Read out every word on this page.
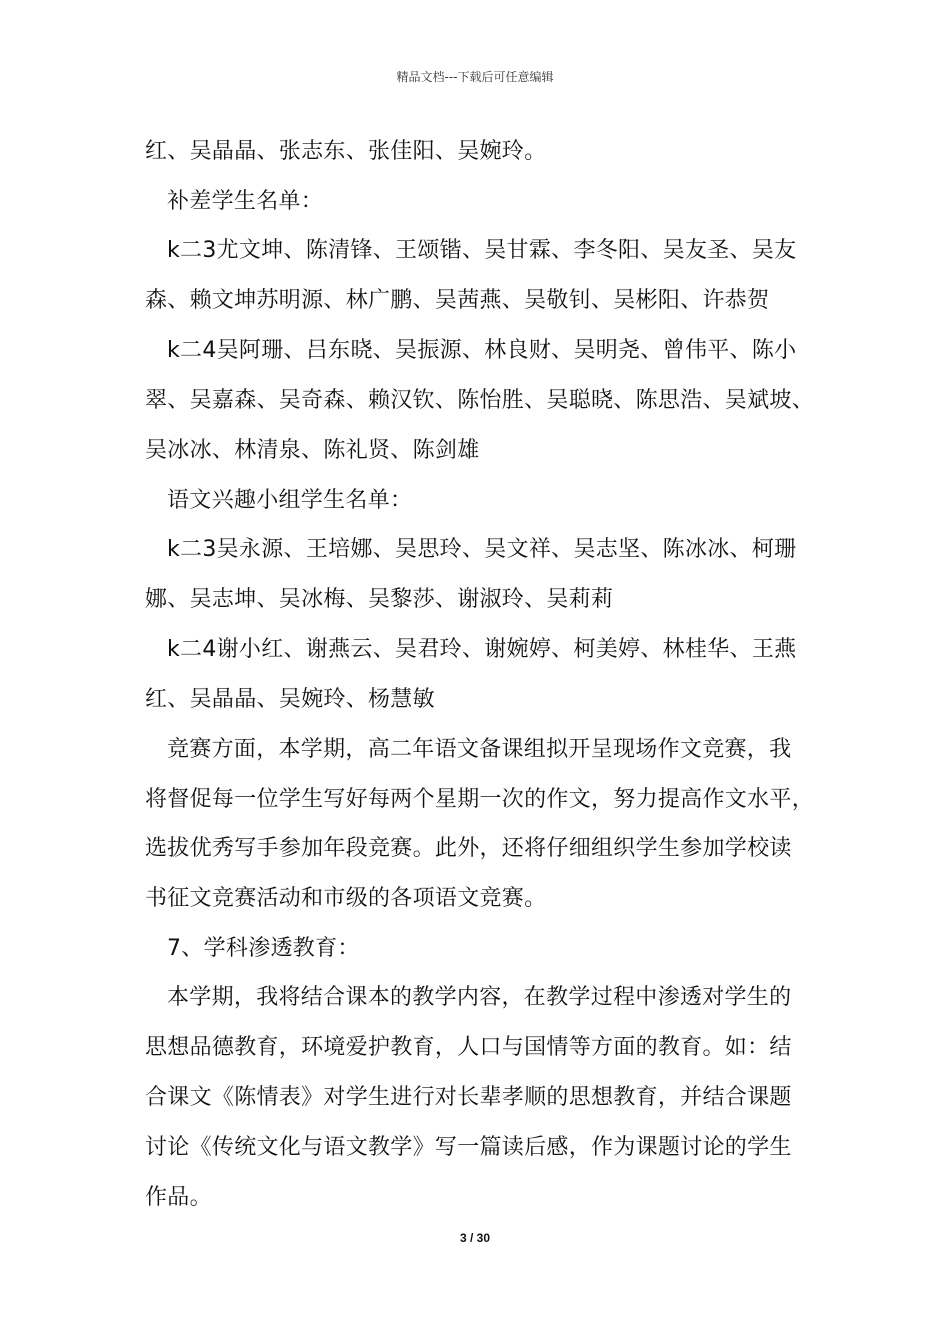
精品文档---下载后可任意编辑
红、吴晶晶、张志东、张佳阳、吴婉玲。
补差学生名单：
k二3尤文坤、陈清锋、王颂锴、吴甘霖、李冬阳、吴友圣、吴友
森、赖文坤苏明源、林广鹏、吴茜燕、吴敬钊、吴彬阳、许恭贺
k二4吴阿珊、吕东晓、吴振源、林良财、吴明尧、曾伟平、陈小
翠、吴嘉森、吴奇森、赖汉钦、陈怡胜、吴聪晓、陈思浩、吴斌坡、
吴冰冰、林清泉、陈礼贤、陈剑雄
语文兴趣小组学生名单：
k二3吴永源、王培娜、吴思玲、吴文祥、吴志坚、陈冰冰、柯珊
娜、吴志坤、吴冰梅、吴黎莎、谢淑玲、吴莉莉
k二4谢小红、谢燕云、吴君玲、谢婉婷、柯美婷、林桂华、王燕
红、吴晶晶、吴婉玲、杨慧敏
竞赛方面，本学期，高二年语文备课组拟开呈现场作文竞赛，我
将督促每一位学生写好每两个星期一次的作文，努力提高作文水平，
选拔优秀写手参加年段竞赛。此外，还将仔细组织学生参加学校读
书征文竞赛活动和市级的各项语文竞赛。
7、学科渗透教育：
本学期，我将结合课本的教学内容，在教学过程中渗透对学生的
思想品德教育，环境爱护教育，人口与国情等方面的教育。如：结
合课文《陈情表》对学生进行对长辈孝顺的思想教育，并结合课题
讨论《传统文化与语文教学》写一篇读后感，作为课题讨论的学生
作品。
3 / 30
